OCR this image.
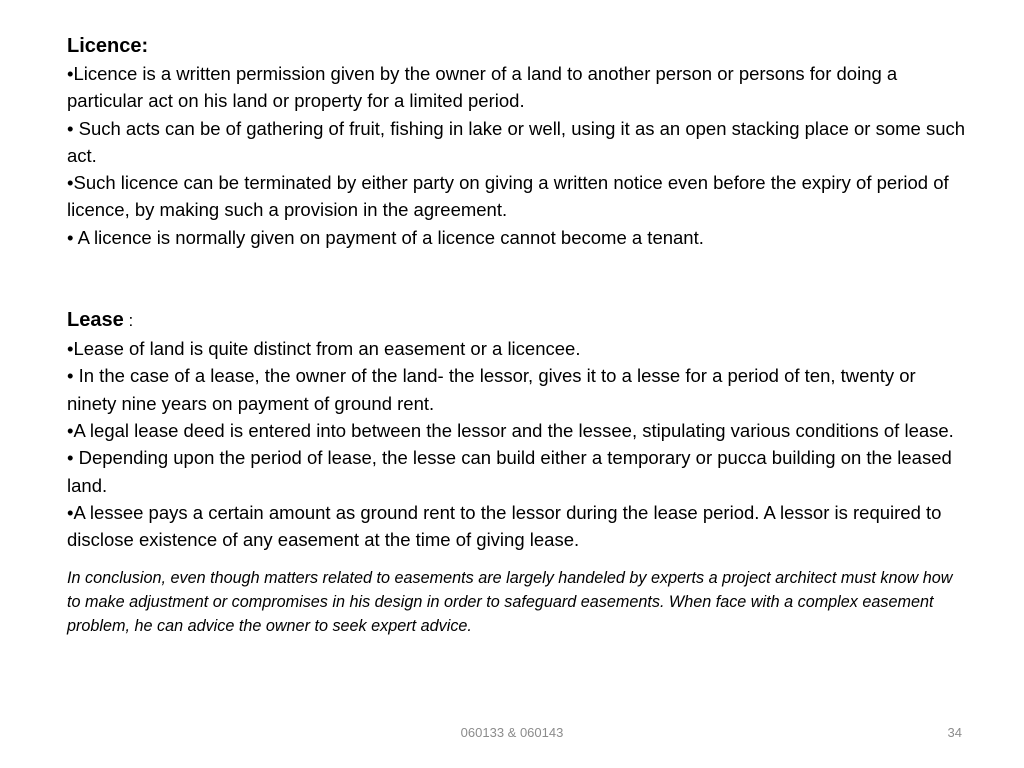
Licence:

•Licence is a written permission given by the owner of a land to another person or persons for doing a particular act on his land or property for a limited period.

• Such acts can be of gathering of fruit, fishing in lake or well, using it as an open stacking place or some such act.

•Such licence can be terminated by either party on giving a written notice even before the expiry of period of licence, by making such a provision in the agreement.

• A licence is normally given on payment of a licence cannot become a tenant.

Lease :

•Lease of land is quite distinct from an easement or a licencee.

• In the case of a lease, the owner of the land- the lessor, gives it to a lesse for a period of ten, twenty or ninety nine years on payment of ground rent.

•A legal lease deed is entered into between the lessor and the lessee, stipulating various conditions of lease.

• Depending upon the period of lease, the lesse can build either a temporary or pucca building on the leased land.

•A lessee pays a certain amount as ground rent to the lessor during the lease period. A lessor is required to disclose existence of any easement at the time of giving lease.

In conclusion, even though matters related to easements are largely handeled by experts a project architect must know how to make adjustment or compromises in his design in order to safeguard easements. When face with a complex easement problem, he can advice the owner to seek expert advice.

060133 & 060143	34
